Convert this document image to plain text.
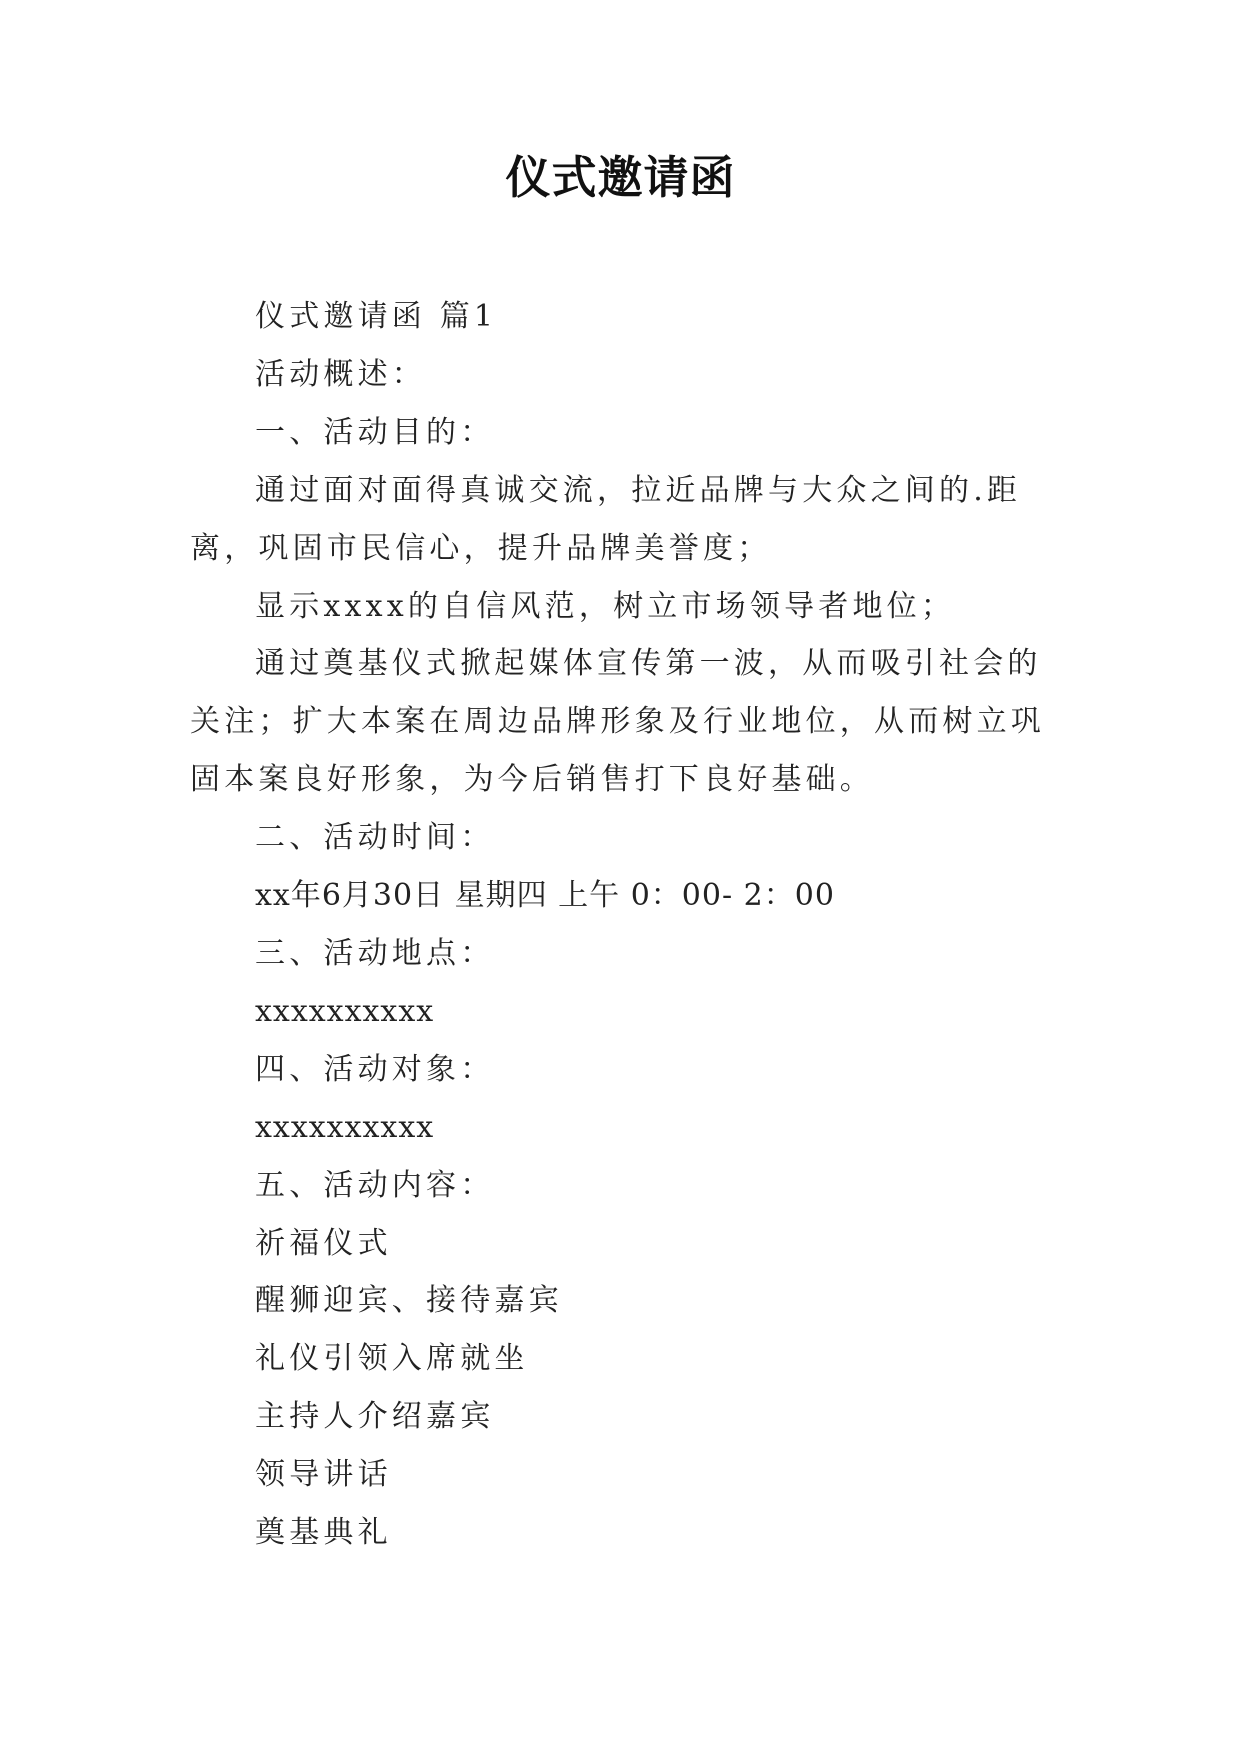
仪式邀请函

仪式邀请函 篇1

活动概述：

一、活动目的：

通过面对面得真诚交流，拉近品牌与大众之间的.距离，巩固市民信心，提升品牌美誉度；

显示xxxx的自信风范，树立市场领导者地位；

通过奠基仪式掀起媒体宣传第一波，从而吸引社会的关注；扩大本案在周边品牌形象及行业地位，从而树立巩固本案良好形象，为今后销售打下良好基础。

二、活动时间：

xx年6月30日 星期四 上午 0：00- 2：00

三、活动地点：

xxxxxxxxxx

四、活动对象：

xxxxxxxxxx

五、活动内容：

祈福仪式

醒狮迎宾、接待嘉宾

礼仪引领入席就坐

主持人介绍嘉宾

领导讲话

奠基典礼
